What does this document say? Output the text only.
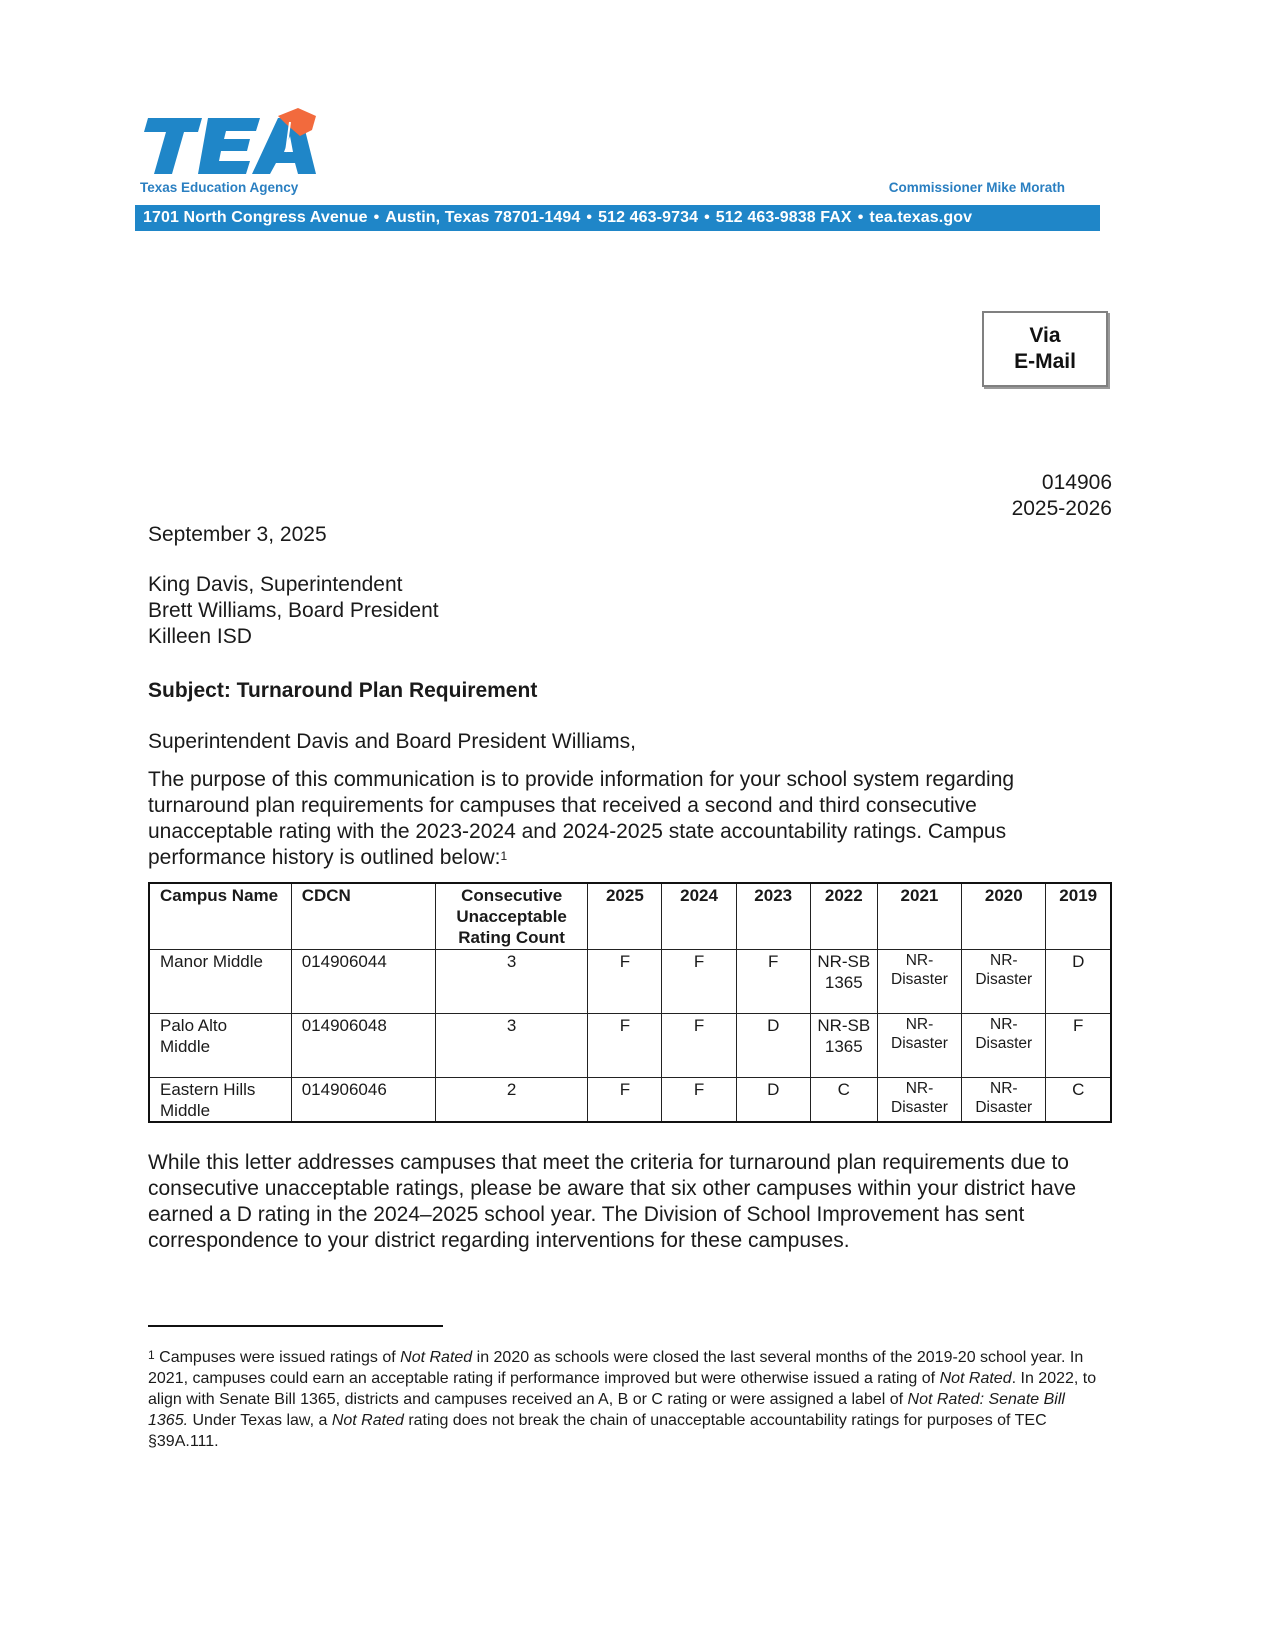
Texas Education Agency	Commissioner Mike Morath
1701 North Congress Avenue • Austin, Texas 78701-1494 • 512 463-9734 • 512 463-9838 FAX • tea.texas.gov
Via
E-Mail
014906
2025-2026
September 3, 2025
King Davis, Superintendent
Brett Williams, Board President
Killeen ISD
Subject: Turnaround Plan Requirement
Superintendent Davis and Board President Williams,
The purpose of this communication is to provide information for your school system regarding turnaround plan requirements for campuses that received a second and third consecutive unacceptable rating with the 2023-2024 and 2024-2025 state accountability ratings. Campus performance history is outlined below:$^1$
Campus Name	CDCN	Consecutive Unacceptable Rating Count	2025	2024	2023	2022	2021	2020	2019
Manor Middle	014906044	3	F	F	F	NR-SB 1365	NR-Disaster	NR-Disaster	D
Palo Alto Middle	014906048	3	F	F	D	NR-SB 1365	NR-Disaster	NR-Disaster	F
Eastern Hills Middle	014906046	2	F	F	D	C	NR-Disaster	NR-Disaster	C
While this letter addresses campuses that meet the criteria for turnaround plan requirements due to consecutive unacceptable ratings, please be aware that six other campuses within your district have earned a D rating in the 2024–2025 school year. The Division of School Improvement has sent correspondence to your district regarding interventions for these campuses.
$^1$ Campuses were issued ratings of Not Rated in 2020 as schools were closed the last several months of the 2019-20 school year. In 2021, campuses could earn an acceptable rating if performance improved but were otherwise issued a rating of Not Rated. In 2022, to align with Senate Bill 1365, districts and campuses received an A, B or C rating or were assigned a label of Not Rated: Senate Bill 1365. Under Texas law, a Not Rated rating does not break the chain of unacceptable accountability ratings for purposes of TEC §39A.111.
